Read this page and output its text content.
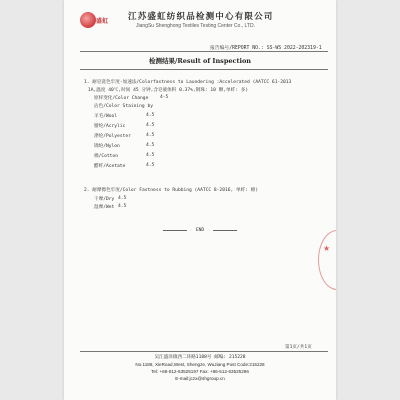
盛虹 江苏盛虹纺织品检测中心有限公司
JiangSu Shenghong Textiles Testing Center Co., LTD.
报告编号/REPORT NO.: SS-WS 2022-202319-1
检测结果/Result of Inspection
1. 耐皂洗色牢度-加速法/Colorfastness to Laundering :Accelerated (AATCC 61-2013
1A,温度 40℃,时间 45 分钟,含皂液体积 0.37%,钢珠: 10 颗,单纤: 多)
原样变化/Color Change	4-5
沾色/Color Staining by
羊毛/Wool	4.5
腈纶/Acrylic	4.5
涤纶/Polyester	4.5
锦纶/Nylon	4.5
棉/Cotton	4.5
醋纤/Acetate	4.5
2. 耐摩擦色牢度/Color Fastness to Rubbing (AATCC 8-2016, 单纤: 棉)
干摩/Dry 4.5
湿摩/Wet 4.5
END
★
第1页/共1页
吴江盛泽镇西二环路1188号 邮编: 215228
No.1188, XieRoad,West, Shengze, WuJiang Post Code:215228
Tel: +86-512-63525197 Fax: +86-512-63525296
E-mail:jczx@shgroup.cn
